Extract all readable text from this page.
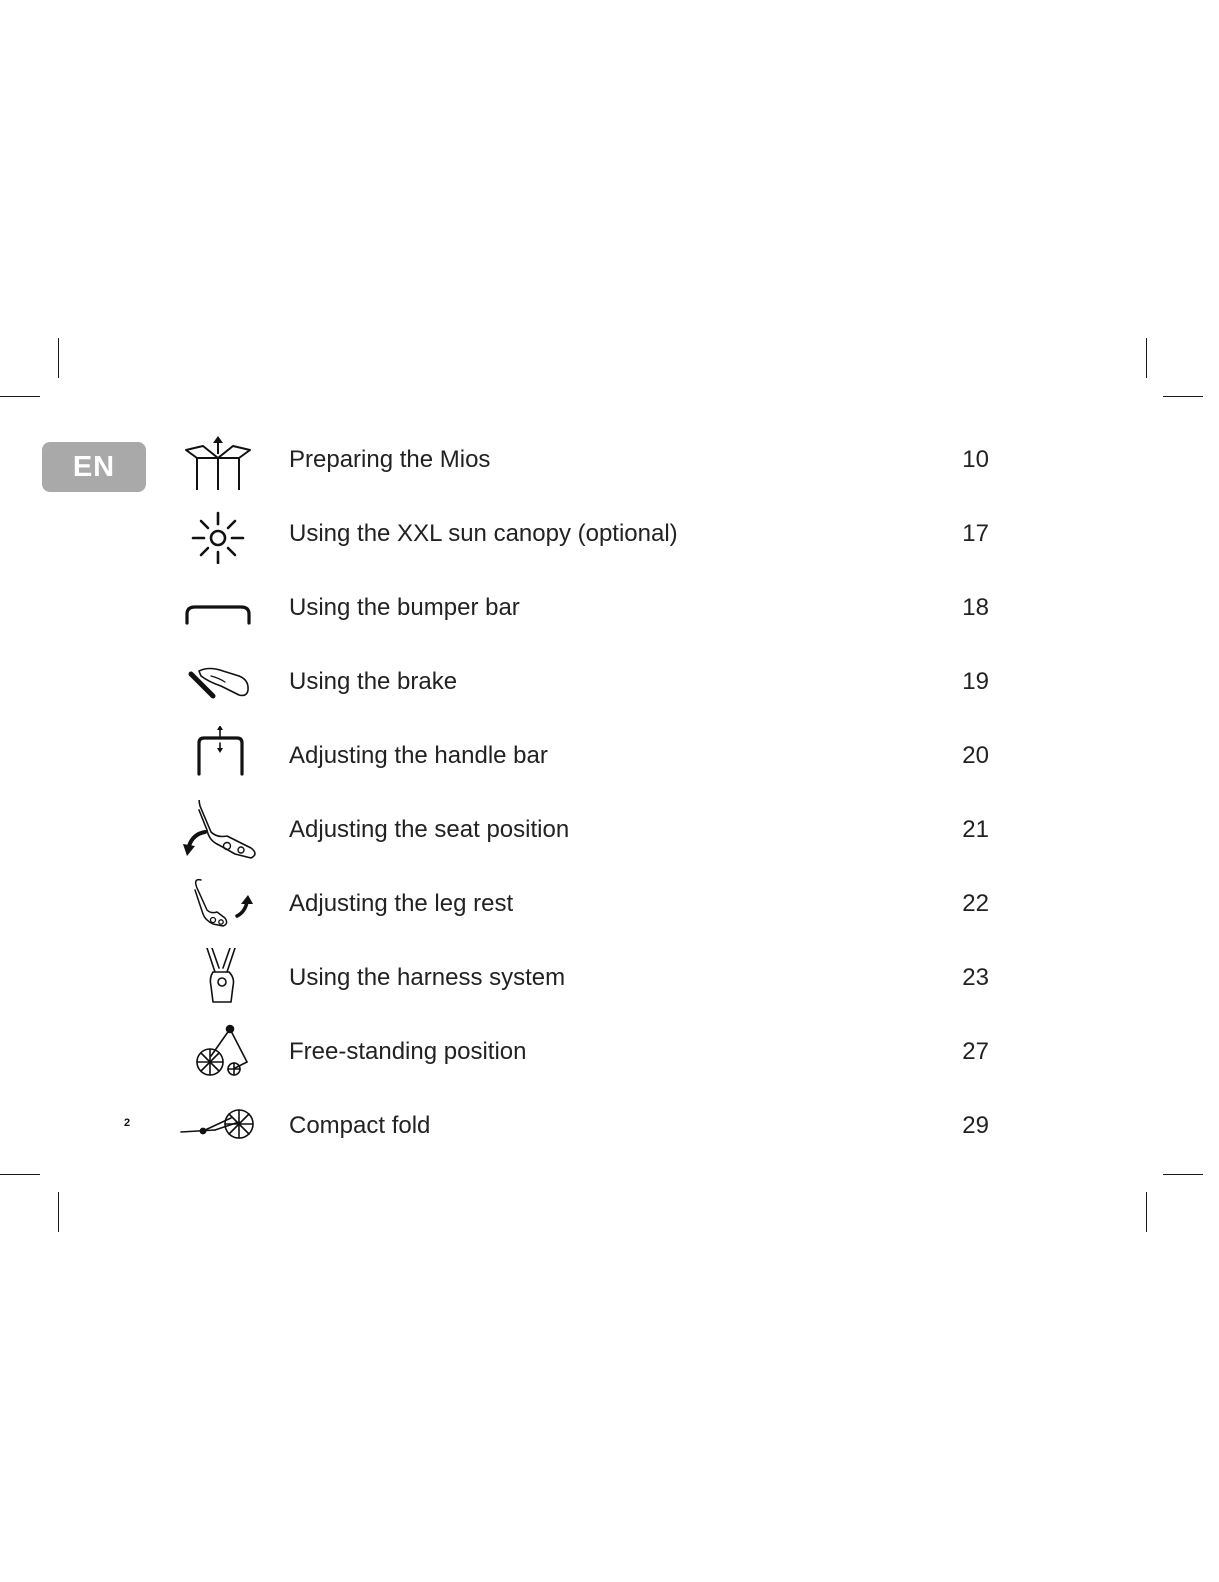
EN
2
Preparing the Mios	10
Using the XXL sun canopy (optional)	17
Using the bumper bar	18
Using the brake	19
Adjusting the handle bar	20
Adjusting the seat position	21
Adjusting the leg rest	22
Using the harness system	23
Free-standing position	27
Compact fold	29
